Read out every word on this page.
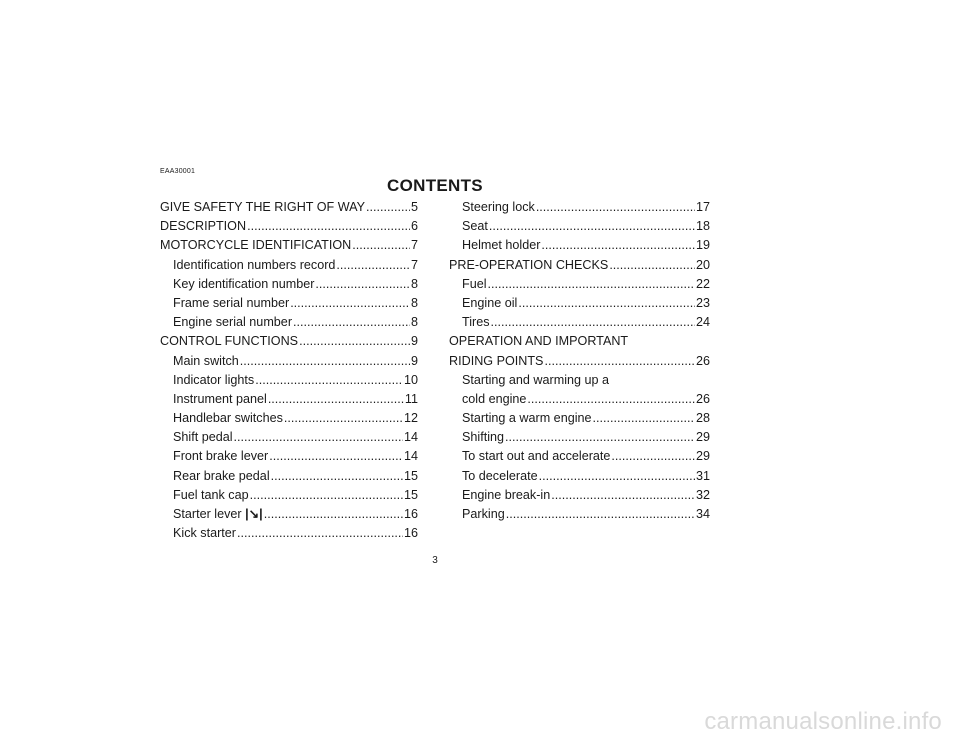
EAA30001
CONTENTS
GIVE SAFETY THE RIGHT OF WAY .....	5
DESCRIPTION .....	6
MOTORCYCLE IDENTIFICATION .....	7
Identification numbers record .....	7
Key identification number .....	8
Frame serial number .....	8
Engine serial number .....	8
CONTROL FUNCTIONS .....	9
Main switch .....	9
Indicator lights .....	10
Instrument panel .....	11
Handlebar switches .....	12
Shift pedal .....	14
Front brake lever .....	14
Rear brake pedal .....	15
Fuel tank cap .....	15
Starter lever |↘| .....	16
Kick starter .....	16
Steering lock .....	17
Seat .....	18
Helmet holder .....	19
PRE-OPERATION CHECKS .....	20
Fuel .....	22
Engine oil .....	23
Tires .....	24
OPERATION AND IMPORTANT
RIDING POINTS .....	26
Starting and warming up a
cold engine .....	26
Starting a warm engine .....	28
Shifting .....	29
To start out and accelerate .....	29
To decelerate .....	31
Engine break-in .....	32
Parking .....	34
3
carmanualsonline.info
